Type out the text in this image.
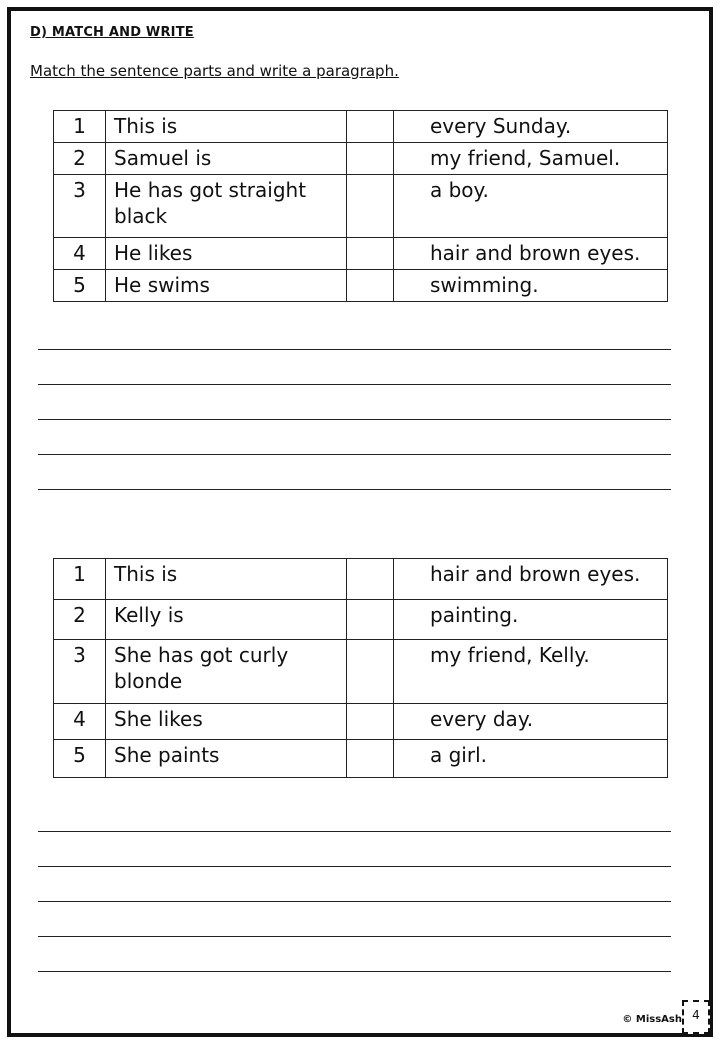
D) MATCH AND WRITE
Match the sentence parts and write a paragraph.
1	This is		every Sunday.
2	Samuel is		my friend, Samuel.
3	He has got straight black		a boy.
4	He likes		hair and brown eyes.
5	He swims		swimming.
1	This is		hair and brown eyes.
2	Kelly is		painting.
3	She has got curly blonde		my friend, Kelly.
4	She likes		every day.
5	She paints		a girl.
© MissAsh 4
